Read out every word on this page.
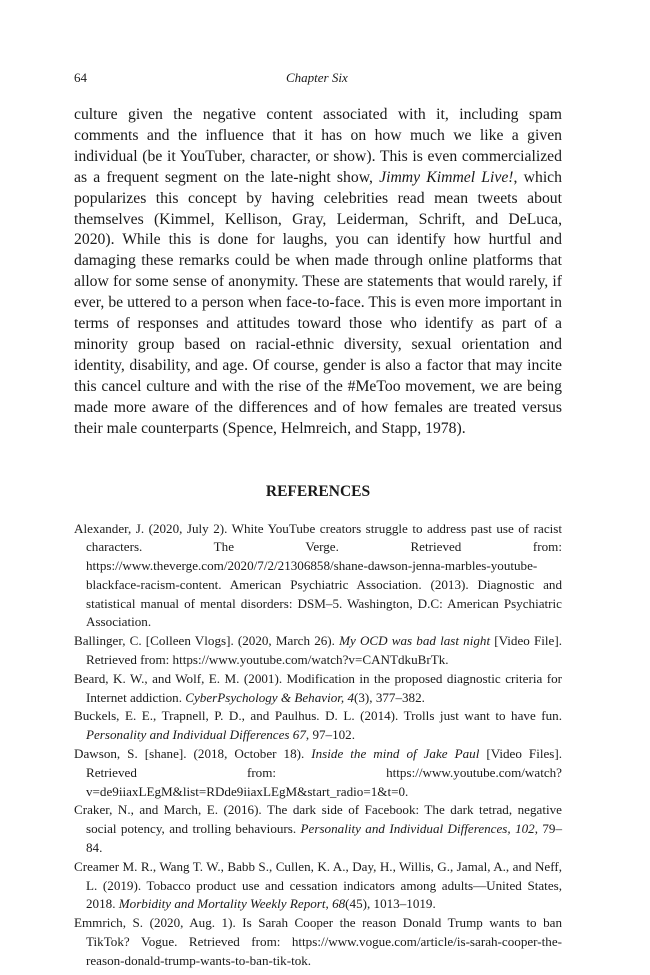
64	Chapter Six

culture given the negative content associated with it, including spam comments and the influence that it has on how much we like a given individual (be it YouTuber, character, or show). This is even commercialized as a frequent segment on the late-night show, Jimmy Kimmel Live!, which popularizes this concept by having celebrities read mean tweets about themselves (Kimmel, Kellison, Gray, Leiderman, Schrift, and DeLuca, 2020). While this is done for laughs, you can identify how hurtful and damaging these remarks could be when made through online platforms that allow for some sense of anonymity. These are statements that would rarely, if ever, be uttered to a person when face-to-face. This is even more important in terms of responses and attitudes toward those who identify as part of a minority group based on racial-ethnic diversity, sexual orientation and identity, disability, and age. Of course, gender is also a factor that may incite this cancel culture and with the rise of the #MeToo movement, we are being made more aware of the differences and of how females are treated versus their male counterparts (Spence, Helmreich, and Stapp, 1978).

REFERENCES
Alexander, J. (2020, July 2). White YouTube creators struggle to address past use of racist characters. The Verge. Retrieved from: https://www.theverge.com/2020/7/2/21306858/shane-dawson-jenna-marbles-youtube-blackface-racism-content. American Psychiatric Association. (2013). Diagnostic and statistical manual of mental disorders: DSM–5. Washington, D.C: American Psychiatric Association.
Ballinger, C. [Colleen Vlogs]. (2020, March 26). My OCD was bad last night [Video File]. Retrieved from: https://www.youtube.com/watch?v=CANTdkuBrTk.
Beard, K. W., and Wolf, E. M. (2001). Modification in the proposed diagnostic criteria for Internet addiction. CyberPsychology & Behavior, 4(3), 377–382.
Buckels, E. E., Trapnell, P. D., and Paulhus. D. L. (2014). Trolls just want to have fun. Personality and Individual Differences 67, 97–102.
Dawson, S. [shane]. (2018, October 18). Inside the mind of Jake Paul [Video Files]. Retrieved from: https://www.youtube.com/watch?v=de9iiaxLEgM&list=RDde9iiaxLEgM&start_radio=1&t=0.
Craker, N., and March, E. (2016). The dark side of Facebook: The dark tetrad, negative social potency, and trolling behaviours. Personality and Individual Differences, 102, 79–84.
Creamer M. R., Wang T. W., Babb S., Cullen, K. A., Day, H., Willis, G., Jamal, A., and Neff, L. (2019). Tobacco product use and cessation indicators among adults—United States, 2018. Morbidity and Mortality Weekly Report, 68(45), 1013–1019.
Emmrich, S. (2020, Aug. 1). Is Sarah Cooper the reason Donald Trump wants to ban TikTok? Vogue. Retrieved from: https://www.vogue.com/article/is-sarah-cooper-the-reason-donald-trump-wants-to-ban-tik-tok.
